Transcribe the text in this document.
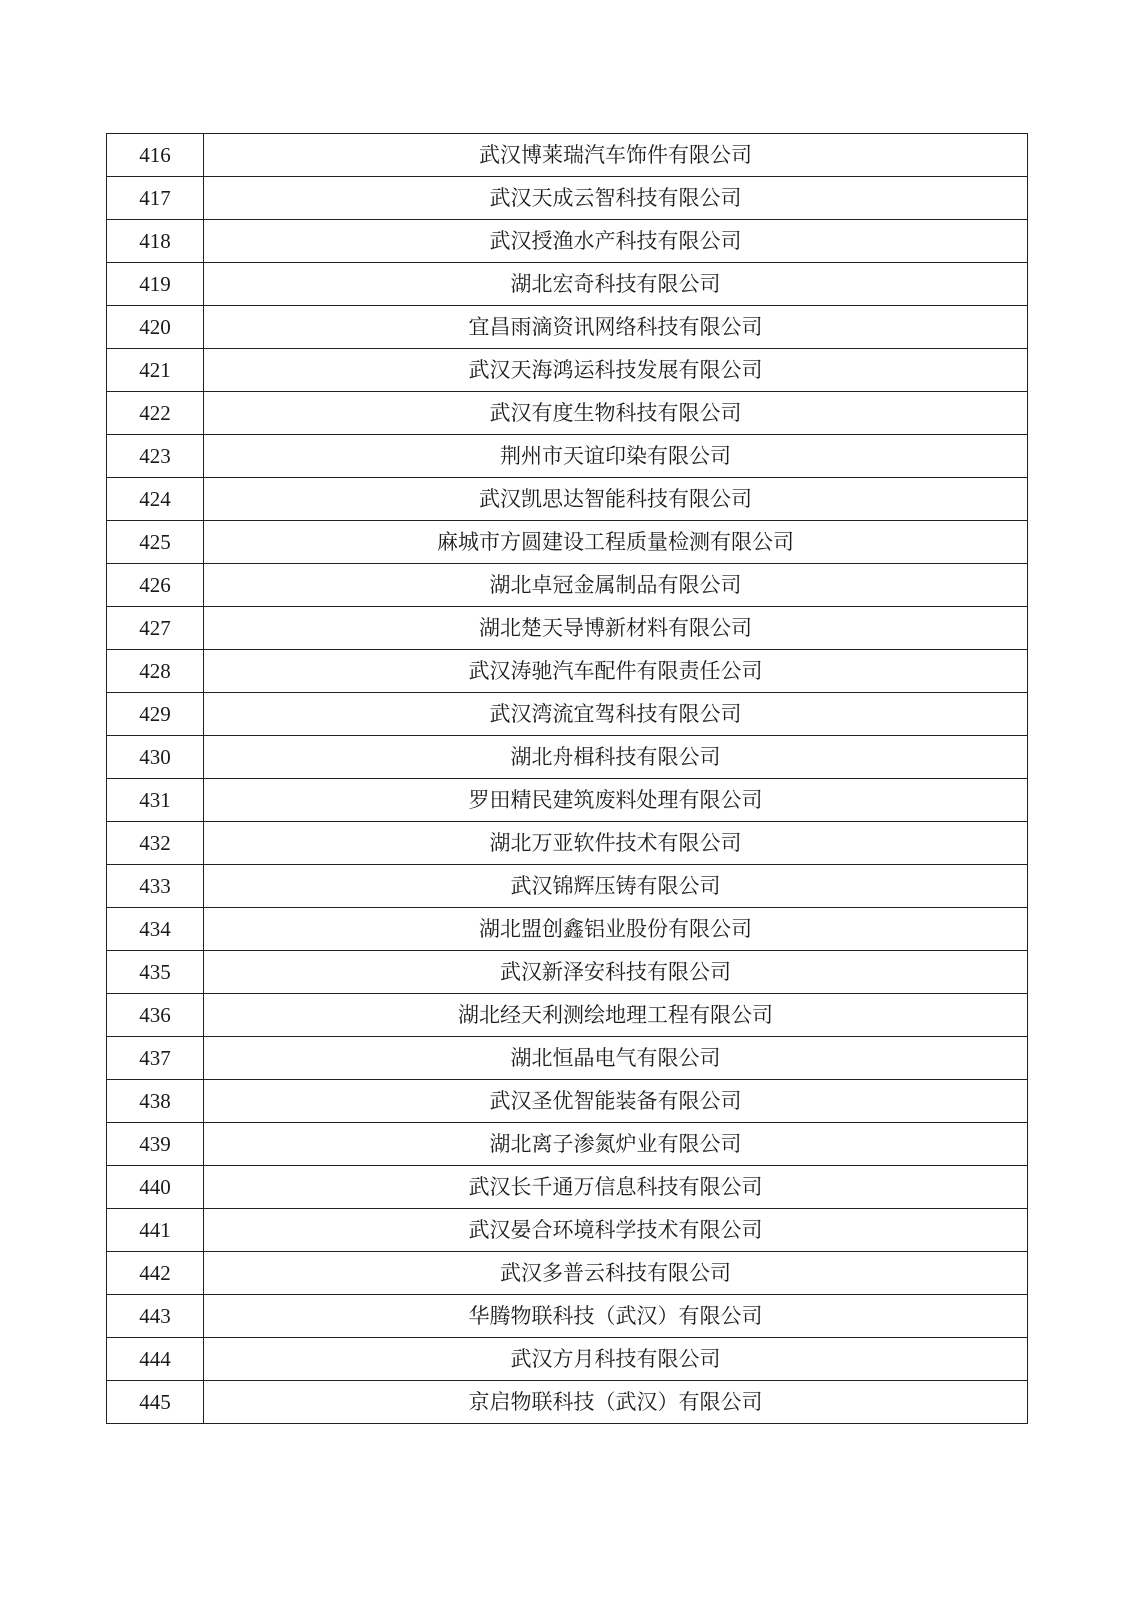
416	武汉博莱瑞汽车饰件有限公司
417	武汉天成云智科技有限公司
418	武汉授渔水产科技有限公司
419	湖北宏奇科技有限公司
420	宜昌雨滴资讯网络科技有限公司
421	武汉天海鸿运科技发展有限公司
422	武汉有度生物科技有限公司
423	荆州市天谊印染有限公司
424	武汉凯思达智能科技有限公司
425	麻城市方圆建设工程质量检测有限公司
426	湖北卓冠金属制品有限公司
427	湖北楚天导博新材料有限公司
428	武汉涛驰汽车配件有限责任公司
429	武汉湾流宜驾科技有限公司
430	湖北舟楫科技有限公司
431	罗田精民建筑废料处理有限公司
432	湖北万亚软件技术有限公司
433	武汉锦辉压铸有限公司
434	湖北盟创鑫铝业股份有限公司
435	武汉新泽安科技有限公司
436	湖北经天利测绘地理工程有限公司
437	湖北恒晶电气有限公司
438	武汉圣优智能装备有限公司
439	湖北离子渗氮炉业有限公司
440	武汉长千通万信息科技有限公司
441	武汉晏合环境科学技术有限公司
442	武汉多普云科技有限公司
443	华腾物联科技（武汉）有限公司
444	武汉方月科技有限公司
445	京启物联科技（武汉）有限公司
